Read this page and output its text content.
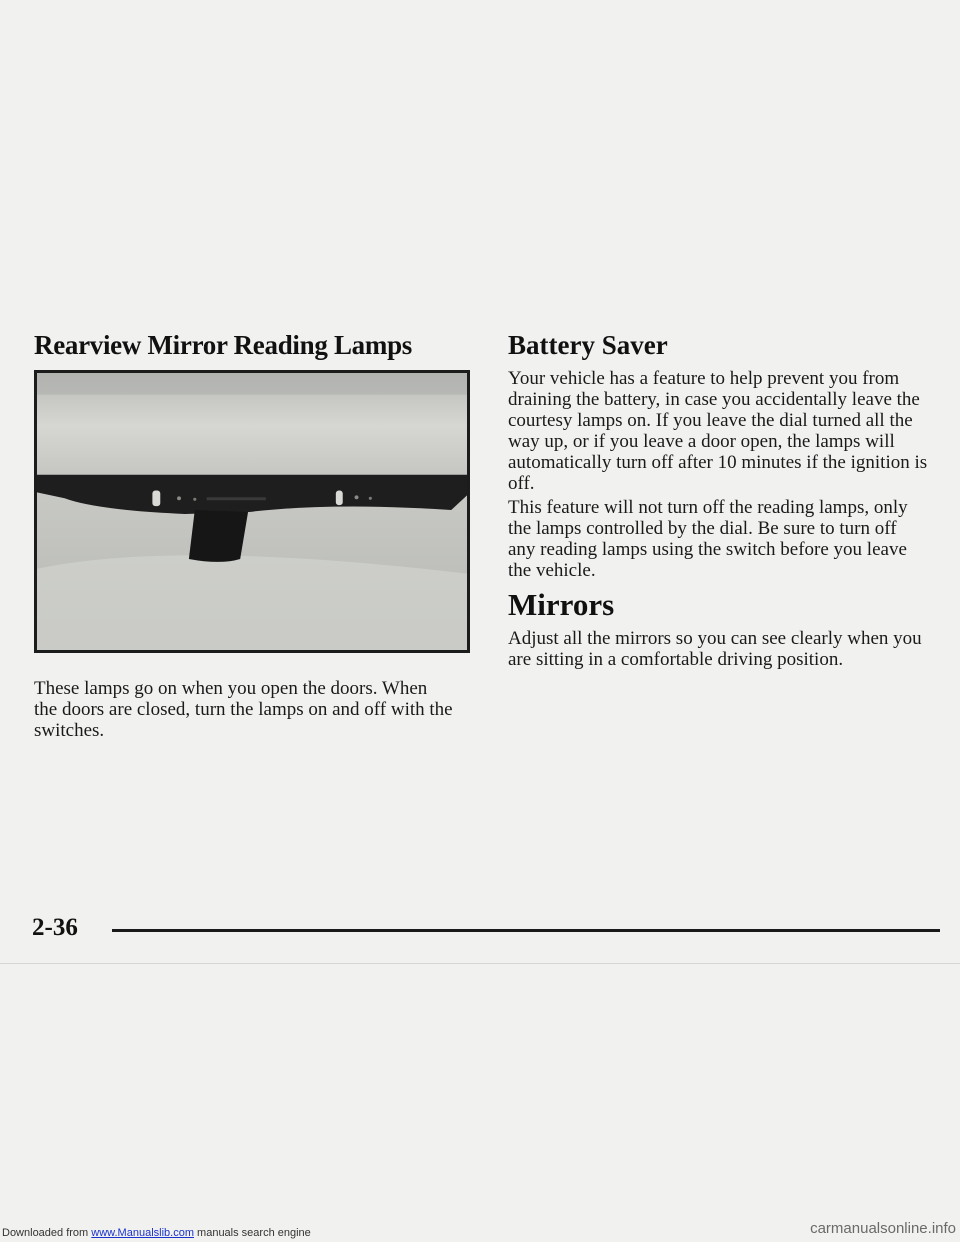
Rearview Mirror Reading Lamps

These lamps go on when you open the doors. When the doors are closed, turn the lamps on and off with the switches.

Battery Saver

Your vehicle has a feature to help prevent you from draining the battery, in case you accidentally leave the courtesy lamps on. If you leave the dial turned all the way up, or if you leave a door open, the lamps will automatically turn off after 10 minutes if the ignition is off.

This feature will not turn off the reading lamps, only the lamps controlled by the dial. Be sure to turn off any reading lamps using the switch before you leave the vehicle.

Mirrors

Adjust all the mirrors so you can see clearly when you are sitting in a comfortable driving position.

2-36

Downloaded from www.Manualslib.com manuals search engine	carmanualsonline.info
